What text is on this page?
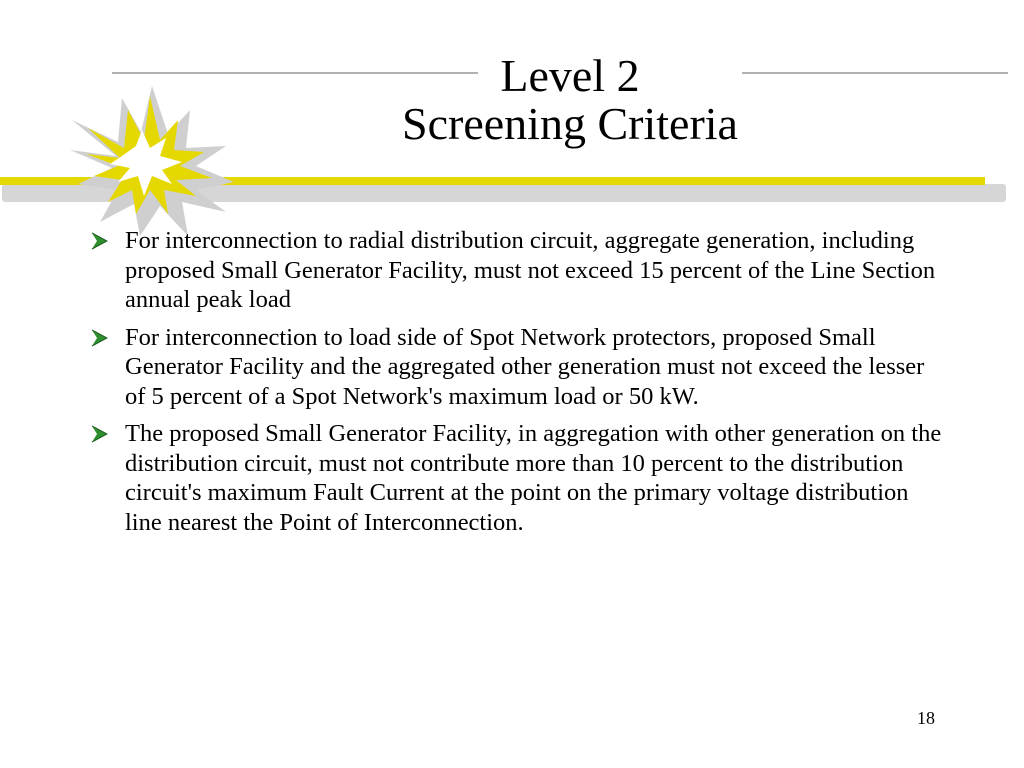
Level 2
Screening Criteria
For interconnection to radial distribution circuit, aggregate generation, including proposed Small Generator Facility, must not exceed 15 percent of the Line Section annual peak load
For interconnection to load side of Spot Network protectors, proposed Small Generator Facility and the aggregated other generation must not exceed the lesser of 5 percent of a Spot Network's maximum load or 50 kW.
The proposed Small Generator Facility, in aggregation with other generation on the distribution circuit, must not contribute more than 10 percent to the distribution circuit's maximum Fault Current at the point on the primary voltage distribution line nearest the Point of Interconnection.
18
